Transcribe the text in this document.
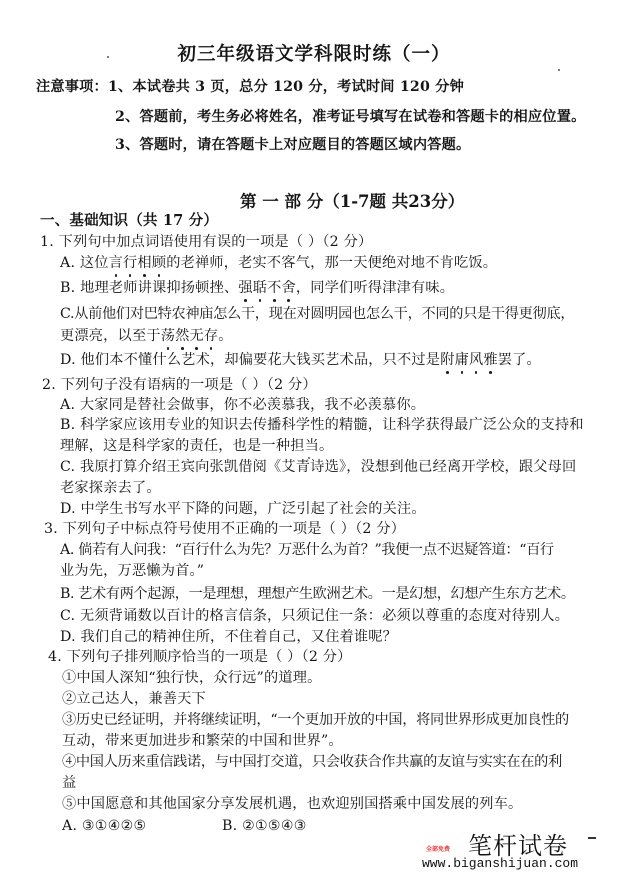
初三年级语文学科限时练（一）
注意事项：1、本试卷共 3 页，总分 120 分，考试时间 120 分钟
2、答题前，考生务必将姓名，准考证号填写在试卷和答题卡的相应位置。
3、答题时，请在答题卡上对应题目的答题区域内答题。
第 一 部 分（1-7题 共23分）
一、基础知识（共 17 分）
1. 下列句中加点词语使用有误的一项是（ ）（2 分）
A. 这位言行相顾
的老禅师，老实不客气，那一天便绝对地不肯吃饭。
B. 地理老师讲课抑扬顿挫、强聒不舍
，同学们听得津津有味。
C.从前他们对巴特农神庙怎么干，现在对圆明园也怎么干，不同的只是干得更彻底，
更漂亮，以至于荡然无存
。
D. 他们本不懂什么艺术，却偏要花大钱买艺术品，只不过是附庸风雅
罢了。
2. 下列句子没有语病的一项是（ ）（2 分）
A. 大家同是替社会做事，你不必羡慕我，我不必羡慕你。
B. 科学家应该用专业的知识去传播科学性的精髓，让科学获得最广泛公众的支持和
理解，这是科学家的责任，也是一种担当。
C. 我原打算介绍王宾向张凯借阅《艾青诗选》，没想到他已经离开学校，跟父母回
老家探亲去了。
D. 中学生书写水平下降的问题，广泛引起了社会的关注。
3. 下列句子中标点符号使用不正确的一项是（ ）（2 分）
A. 倘若有人问我：“百行什么为先？万恶什么为首？”我便一点不迟疑答道：“百行
业为先，万恶懒为首。”
B. 艺术有两个起源，一是理想，理想产生欧洲艺术。一是幻想，幻想产生东方艺术。
C. 无须背诵数以百计的格言信条，只须记住一条：必须以尊重的态度对待别人。
D. 我们自己的精神住所，不住着自己，又住着谁呢？
4. 下列句子排列顺序恰当的一项是（ ）（2 分）
①中国人深知“独行快，众行远”的道理。
②立己达人，兼善天下
③历史已经证明，并将继续证明，“一个更加开放的中国，将同世界形成更加良性的
互动，带来更加进步和繁荣的中国和世界”。
④中国人历来重信践诺，与中国打交道，只会收获合作共赢的友谊与实实在在的利
益
⑤中国愿意和其他国家分享发展机遇，也欢迎别国搭乘中国发展的列车。
A. ③①④②⑤	B. ②①⑤④③
全部免费 笔杆试卷
www.biganshijuan.com
